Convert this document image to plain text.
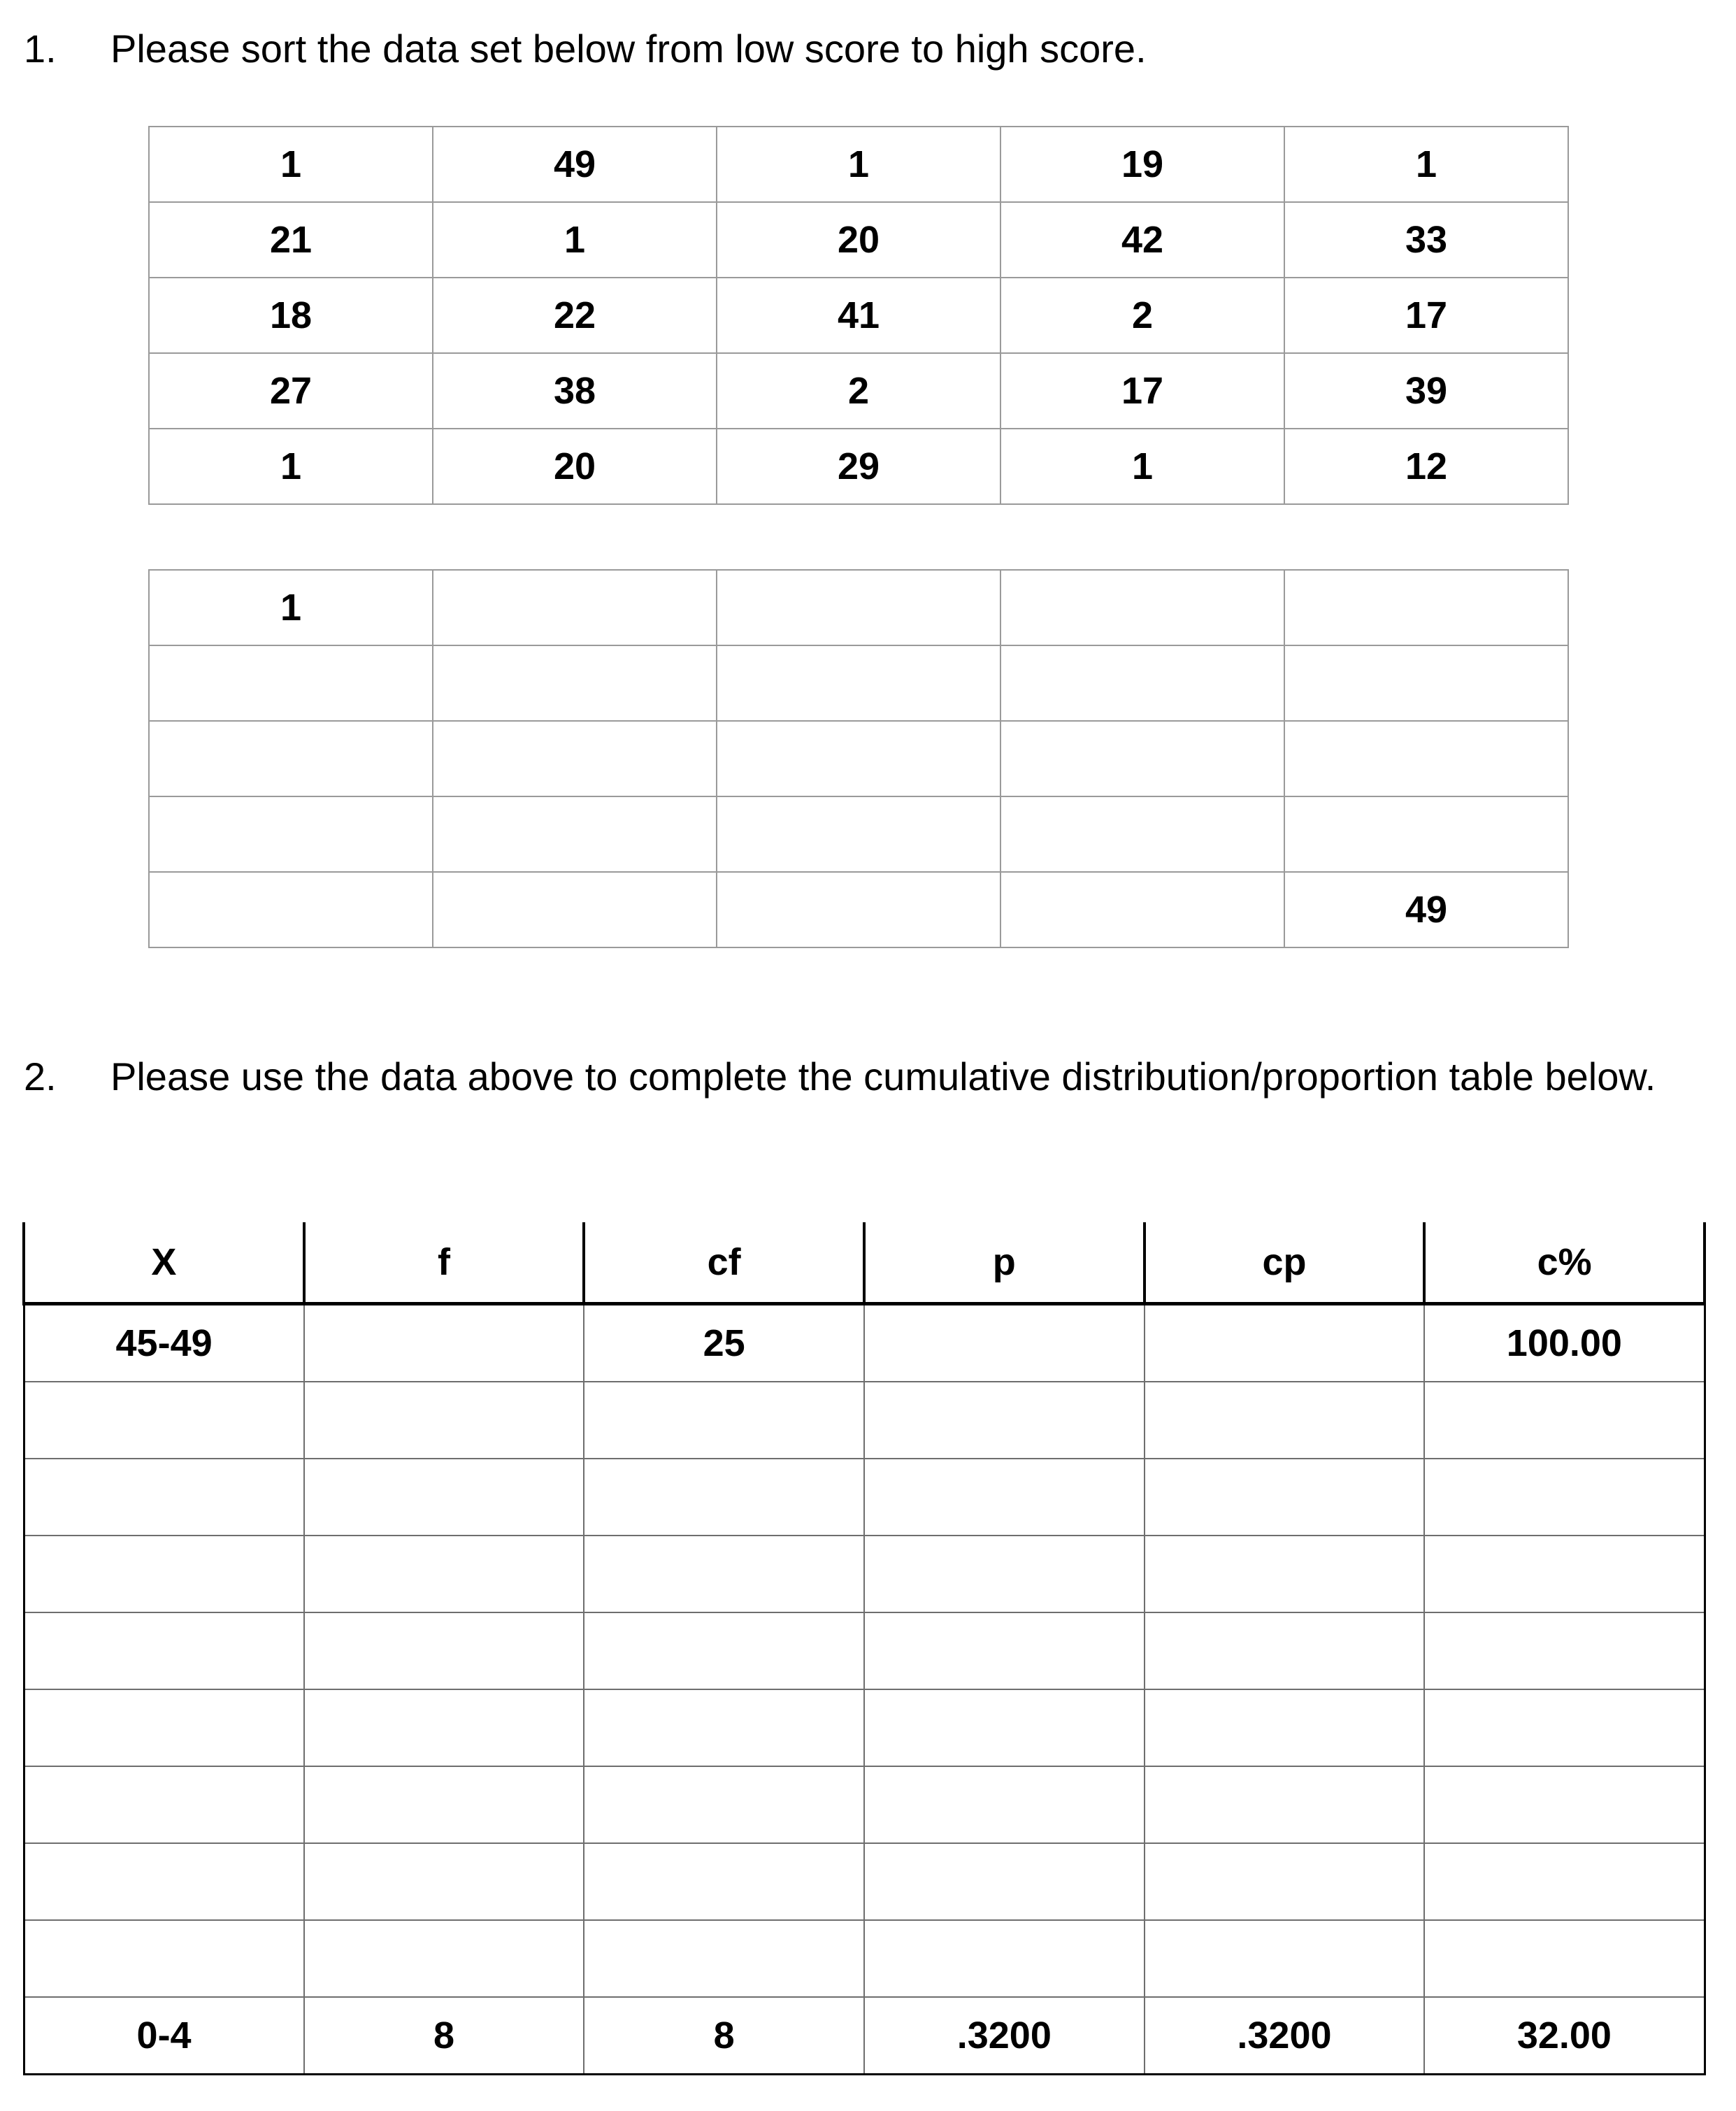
1. Please sort the data set below from low score to high score.
1	49	1	19	1
21	1	20	42	33
18	22	41	2	17
27	38	2	17	39
1	20	29	1	12
1				

				49
2. Please use the data above to complete the cumulative distribution/proportion table below.
X	f	cf	p	cp	c%
45-49		25			100.00

0-4	8	8	.3200	.3200	32.00
